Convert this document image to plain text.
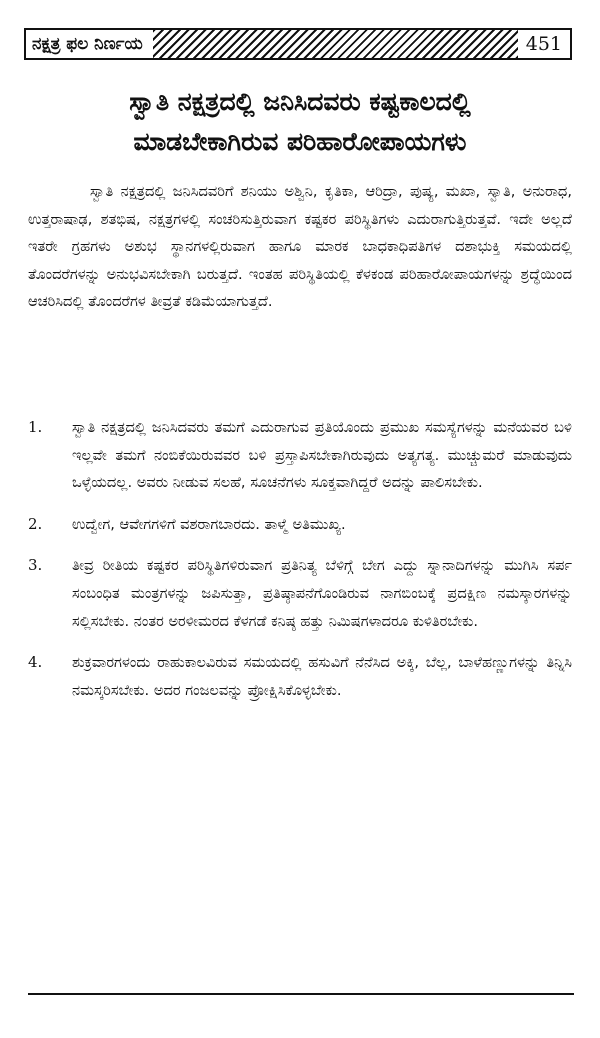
ನಕ್ಷತ್ರ ಫಲ ನಿರ್ಣಯ	451
ಸ್ವಾತಿ ನಕ್ಷತ್ರದಲ್ಲಿ ಜನಿಸಿದವರು ಕಷ್ಟಕಾಲದಲ್ಲಿ
ಮಾಡಬೇಕಾಗಿರುವ ಪರಿಹಾರೋಪಾಯಗಳು

ಸ್ವಾತಿ ನಕ್ಷತ್ರದಲ್ಲಿ ಜನಿಸಿದವರಿಗೆ ಶನಿಯು ಅಶ್ವಿನಿ, ಕೃತಿಕಾ, ಆರಿದ್ರಾ, ಪುಷ್ಯ, ಮಖಾ, ಸ್ವಾತಿ, ಅನುರಾಧ, ಉತ್ತರಾಷಾಢ, ಶತಭಿಷ, ನಕ್ಷತ್ರಗಳಲ್ಲಿ ಸಂಚರಿಸುತ್ತಿರುವಾಗ ಕಷ್ಟಕರ ಪರಿಸ್ಥಿತಿಗಳು ಎದುರಾಗುತ್ತಿರುತ್ತವೆ. ಇದೇ ಅಲ್ಲದೆ ಇತರೇ ಗ್ರಹಗಳು ಅಶುಭ ಸ್ಥಾನಗಳಲ್ಲಿರುವಾಗ ಹಾಗೂ ಮಾರಕ ಬಾಧಕಾಧಿಪತಿಗಳ ದಶಾಭುಕ್ತಿ ಸಮಯದಲ್ಲಿ ತೊಂದರೆಗಳನ್ನು ಅನುಭವಿಸಬೇಕಾಗಿ ಬರುತ್ತದೆ. ಇಂತಹ ಪರಿಸ್ಥಿತಿಯಲ್ಲಿ ಕೆಳಕಂಡ ಪರಿಹಾರೋಪಾಯಗಳನ್ನು ಶ್ರದ್ಧೆಯಿಂದ ಆಚರಿಸಿದಲ್ಲಿ ತೊಂದರೆಗಳ ತೀವ್ರತೆ ಕಡಿಮೆಯಾಗುತ್ತದೆ.

1.	ಸ್ವಾತಿ ನಕ್ಷತ್ರದಲ್ಲಿ ಜನಿಸಿದವರು ತಮಗೆ ಎದುರಾಗುವ ಪ್ರತಿಯೊಂದು ಪ್ರಮುಖ ಸಮಸ್ಯೆಗಳನ್ನು ಮನೆಯವರ ಬಳಿ ಇಲ್ಲವೇ ತಮಗೆ ನಂಬಿಕೆಯಿರುವವರ ಬಳಿ ಪ್ರಸ್ತಾಪಿಸಬೇಕಾಗಿರುವುದು ಅತ್ಯಗತ್ಯ. ಮುಚ್ಚುಮರೆ ಮಾಡುವುದು ಒಳ್ಳೆಯದಲ್ಲ. ಅವರು ನೀಡುವ ಸಲಹೆ, ಸೂಚನೆಗಳು ಸೂಕ್ತವಾಗಿದ್ದರೆ ಅದನ್ನು ಪಾಲಿಸಬೇಕು.
2.	ಉದ್ವೇಗ, ಆವೇಗಗಳಿಗೆ ವಶರಾಗಬಾರದು. ತಾಳ್ಮೆ ಅತಿಮುಖ್ಯ.
3.	ತೀವ್ರ ರೀತಿಯ ಕಷ್ಟಕರ ಪರಿಸ್ಥಿತಿಗಳಿರುವಾಗ ಪ್ರತಿನಿತ್ಯ ಬೆಳಿಗ್ಗೆ ಬೇಗ ಎದ್ದು ಸ್ನಾನಾದಿಗಳನ್ನು ಮುಗಿಸಿ ಸರ್ಪ ಸಂಬಂಧಿತ ಮಂತ್ರಗಳನ್ನು ಜಪಿಸುತ್ತಾ, ಪ್ರತಿಷ್ಠಾಪನೆಗೊಂಡಿರುವ ನಾಗಬಿಂಬಕ್ಕೆ ಪ್ರದಕ್ಷಿಣ ನಮಸ್ಕಾರಗಳನ್ನು ಸಲ್ಲಿಸಬೇಕು. ನಂತರ ಅರಳೀಮರದ ಕೆಳಗಡೆ ಕನಿಷ್ಠ ಹತ್ತು ನಿಮಿಷಗಳಾದರೂ ಕುಳಿತಿರಬೇಕು.
4.	ಶುಕ್ರವಾರಗಳಂದು ರಾಹುಕಾಲವಿರುವ ಸಮಯದಲ್ಲಿ ಹಸುವಿಗೆ ನೆನೆಸಿದ ಅಕ್ಕಿ, ಬೆಲ್ಲ, ಬಾಳೆಹಣ್ಣುಗಳನ್ನು ತಿನ್ನಿಸಿ ನಮಸ್ಕರಿಸಬೇಕು. ಅದರ ಗಂಜಲವನ್ನು ಪ್ರೋಕ್ಷಿಸಿಕೊಳ್ಳಬೇಕು.
